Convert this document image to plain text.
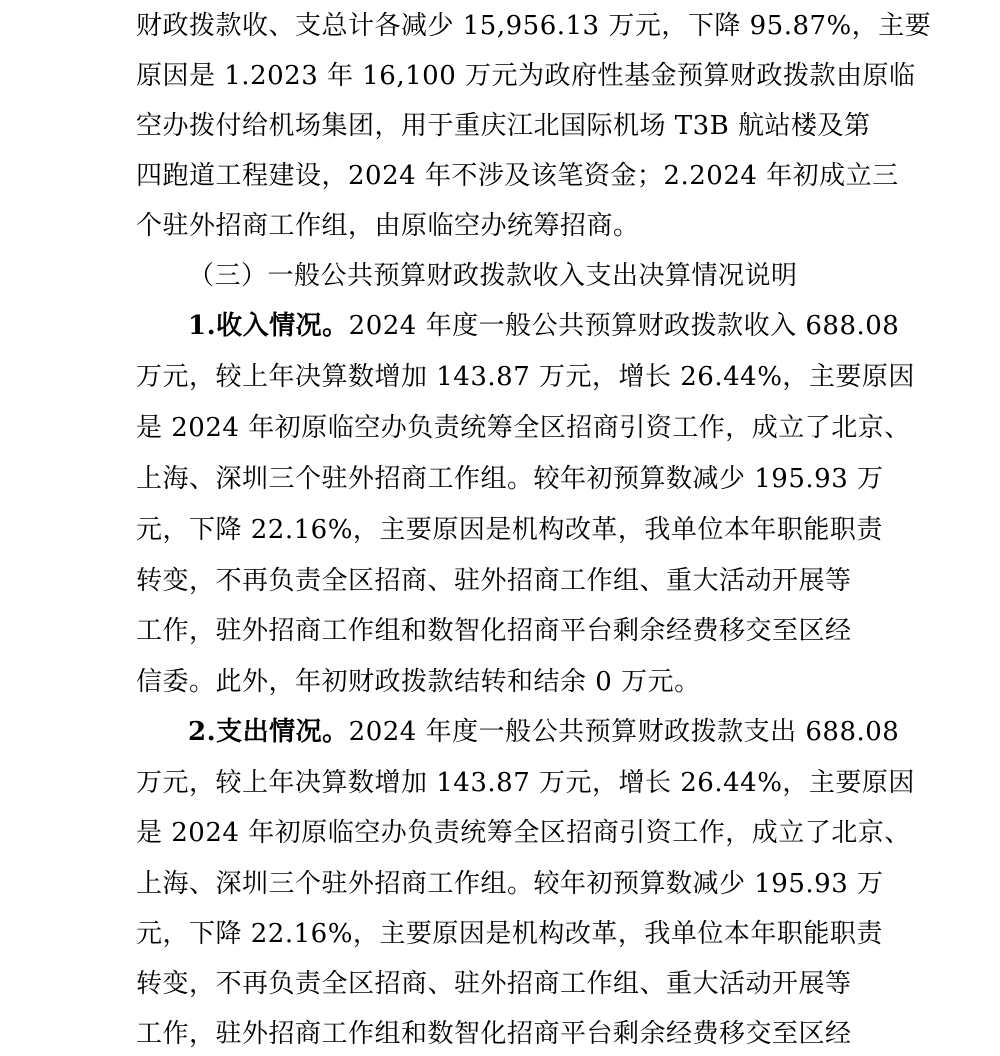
财政拨款收、支总计各减少 15,956.13 万元，下降 95.87%，主要
原因是 1.2023 年 16,100 万元为政府性基金预算财政拨款由原临
空办拨付给机场集团，用于重庆江北国际机场 T3B 航站楼及第
四跑道工程建设，2024 年不涉及该笔资金；2.2024 年初成立三
个驻外招商工作组，由原临空办统筹招商。
（三）一般公共预算财政拨款收入支出决算情况说明
1.收入情况。2024 年度一般公共预算财政拨款收入 688.08
万元，较上年决算数增加 143.87 万元，增长 26.44%，主要原因
是 2024 年初原临空办负责统筹全区招商引资工作，成立了北京、
上海、深圳三个驻外招商工作组。较年初预算数减少 195.93 万
元，下降 22.16%，主要原因是机构改革，我单位本年职能职责
转变，不再负责全区招商、驻外招商工作组、重大活动开展等
工作，驻外招商工作组和数智化招商平台剩余经费移交至区经
信委。此外，年初财政拨款结转和结余 0 万元。
2.支出情况。2024 年度一般公共预算财政拨款支出 688.08
万元，较上年决算数增加 143.87 万元，增长 26.44%，主要原因
是 2024 年初原临空办负责统筹全区招商引资工作，成立了北京、
上海、深圳三个驻外招商工作组。较年初预算数减少 195.93 万
元，下降 22.16%，主要原因是机构改革，我单位本年职能职责
转变，不再负责全区招商、驻外招商工作组、重大活动开展等
工作，驻外招商工作组和数智化招商平台剩余经费移交至区经
